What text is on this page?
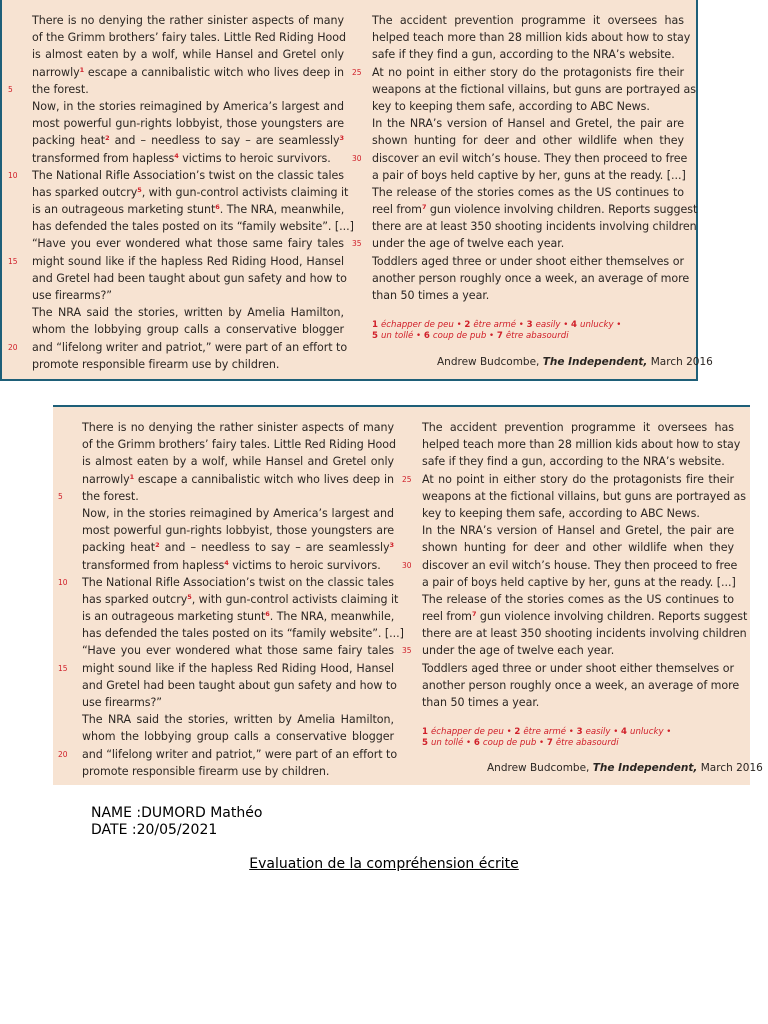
There is no denying the rather sinister aspects of many
of the Grimm brothers’ fairy tales. Little Red Riding Hood
is almost eaten by a wolf, while Hansel and Gretel only
narrowly$^1$ escape a cannibalistic witch who lives deep in
5 the forest.
Now, in the stories reimagined by America’s largest and
most powerful gun-rights lobbyist, those youngsters are
packing heat$^2$ and – needless to say – are seamlessly$^3$
transformed from hapless$^4$ victims to heroic survivors.
10 The National Rifle Association’s twist on the classic tales
has sparked outcry$^5$, with gun-control activists claiming it
is an outrageous marketing stunt$^6$. The NRA, meanwhile,
has defended the tales posted on its “family website”. [...]
“Have you ever wondered what those same fairy tales
15 might sound like if the hapless Red Riding Hood, Hansel
and Gretel had been taught about gun safety and how to
use firearms?”
The NRA said the stories, written by Amelia Hamilton,
whom the lobbying group calls a conservative blogger
20 and “lifelong writer and patriot,” were part of an effort to
promote responsible firearm use by children.
The accident prevention programme it oversees has
helped teach more than 28 million kids about how to stay
safe if they find a gun, according to the NRA’s website.
25 At no point in either story do the protagonists fire their
weapons at the fictional villains, but guns are portrayed as
key to keeping them safe, according to ABC News.
In the NRA’s version of Hansel and Gretel, the pair are
shown hunting for deer and other wildlife when they
30 discover an evil witch’s house. They then proceed to free
a pair of boys held captive by her, guns at the ready. [...]
The release of the stories comes as the US continues to
reel from$^7$ gun violence involving children. Reports suggest
there are at least 350 shooting incidents involving children
35 under the age of twelve each year.
Toddlers aged three or under shoot either themselves or
another person roughly once a week, an average of more
than 50 times a year.
1 échapper de peu • 2 être armé • 3 easily • 4 unlucky •
5 un tollé • 6 coup de pub • 7 être abasourdi
Andrew Budcombe, The Independent, March 2016
There is no denying the rather sinister aspects of many
of the Grimm brothers’ fairy tales. Little Red Riding Hood
is almost eaten by a wolf, while Hansel and Gretel only
narrowly$^1$ escape a cannibalistic witch who lives deep in
5 the forest.
Now, in the stories reimagined by America’s largest and
most powerful gun-rights lobbyist, those youngsters are
packing heat$^2$ and – needless to say – are seamlessly$^3$
transformed from hapless$^4$ victims to heroic survivors.
10 The National Rifle Association’s twist on the classic tales
has sparked outcry$^5$, with gun-control activists claiming it
is an outrageous marketing stunt$^6$. The NRA, meanwhile,
has defended the tales posted on its “family website”. [...]
“Have you ever wondered what those same fairy tales
15 might sound like if the hapless Red Riding Hood, Hansel
and Gretel had been taught about gun safety and how to
use firearms?”
The NRA said the stories, written by Amelia Hamilton,
whom the lobbying group calls a conservative blogger
20 and “lifelong writer and patriot,” were part of an effort to
promote responsible firearm use by children.
The accident prevention programme it oversees has
helped teach more than 28 million kids about how to stay
safe if they find a gun, according to the NRA’s website.
25 At no point in either story do the protagonists fire their
weapons at the fictional villains, but guns are portrayed as
key to keeping them safe, according to ABC News.
In the NRA’s version of Hansel and Gretel, the pair are
shown hunting for deer and other wildlife when they
30 discover an evil witch’s house. They then proceed to free
a pair of boys held captive by her, guns at the ready. [...]
The release of the stories comes as the US continues to
reel from$^7$ gun violence involving children. Reports suggest
there are at least 350 shooting incidents involving children
35 under the age of twelve each year.
Toddlers aged three or under shoot either themselves or
another person roughly once a week, an average of more
than 50 times a year.
1 échapper de peu • 2 être armé • 3 easily • 4 unlucky •
5 un tollé • 6 coup de pub • 7 être abasourdi
Andrew Budcombe, The Independent, March 2016
NAME :DUMORD Mathéo
DATE :20/05/2021
Evaluation de la compréhension écrite
